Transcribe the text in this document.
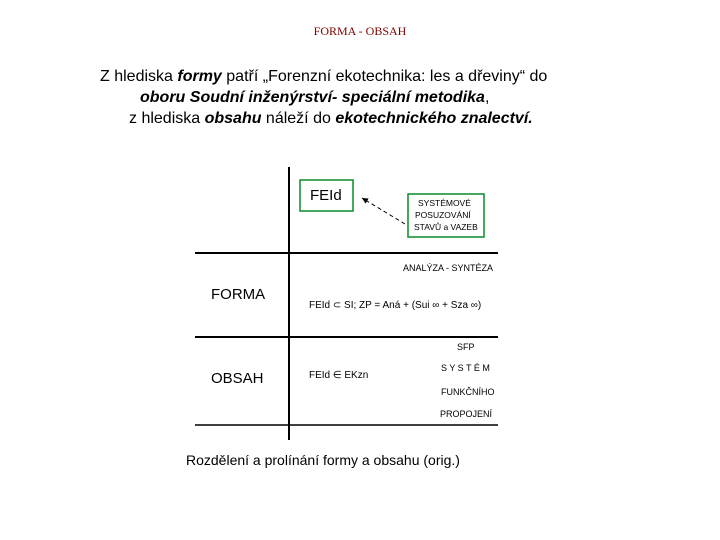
FORMA - OBSAH
Z hlediska formy patří „Forenzní ekotechnika: les a dřeviny“ do
oboru Soudní inženýrství- speciální metodika,
z hlediska obsahu náleží do ekotechnického znalectví.
FEId	SYSTÉMOVÉ
POSUZOVÁNÍ
STAVŮ a VAZEB
ANALÝZA - SYNTÉZA
FORMA
FEId ⊂ SI; ZP = Aná + (Sui ∞ + Sza ∞)
SFP
OBSAH	FEId ∈ EKzn
S Y S T É M
FUNKČNÍHO
PROPOJENÍ
Rozdělení a prolínání formy a obsahu (orig.)
